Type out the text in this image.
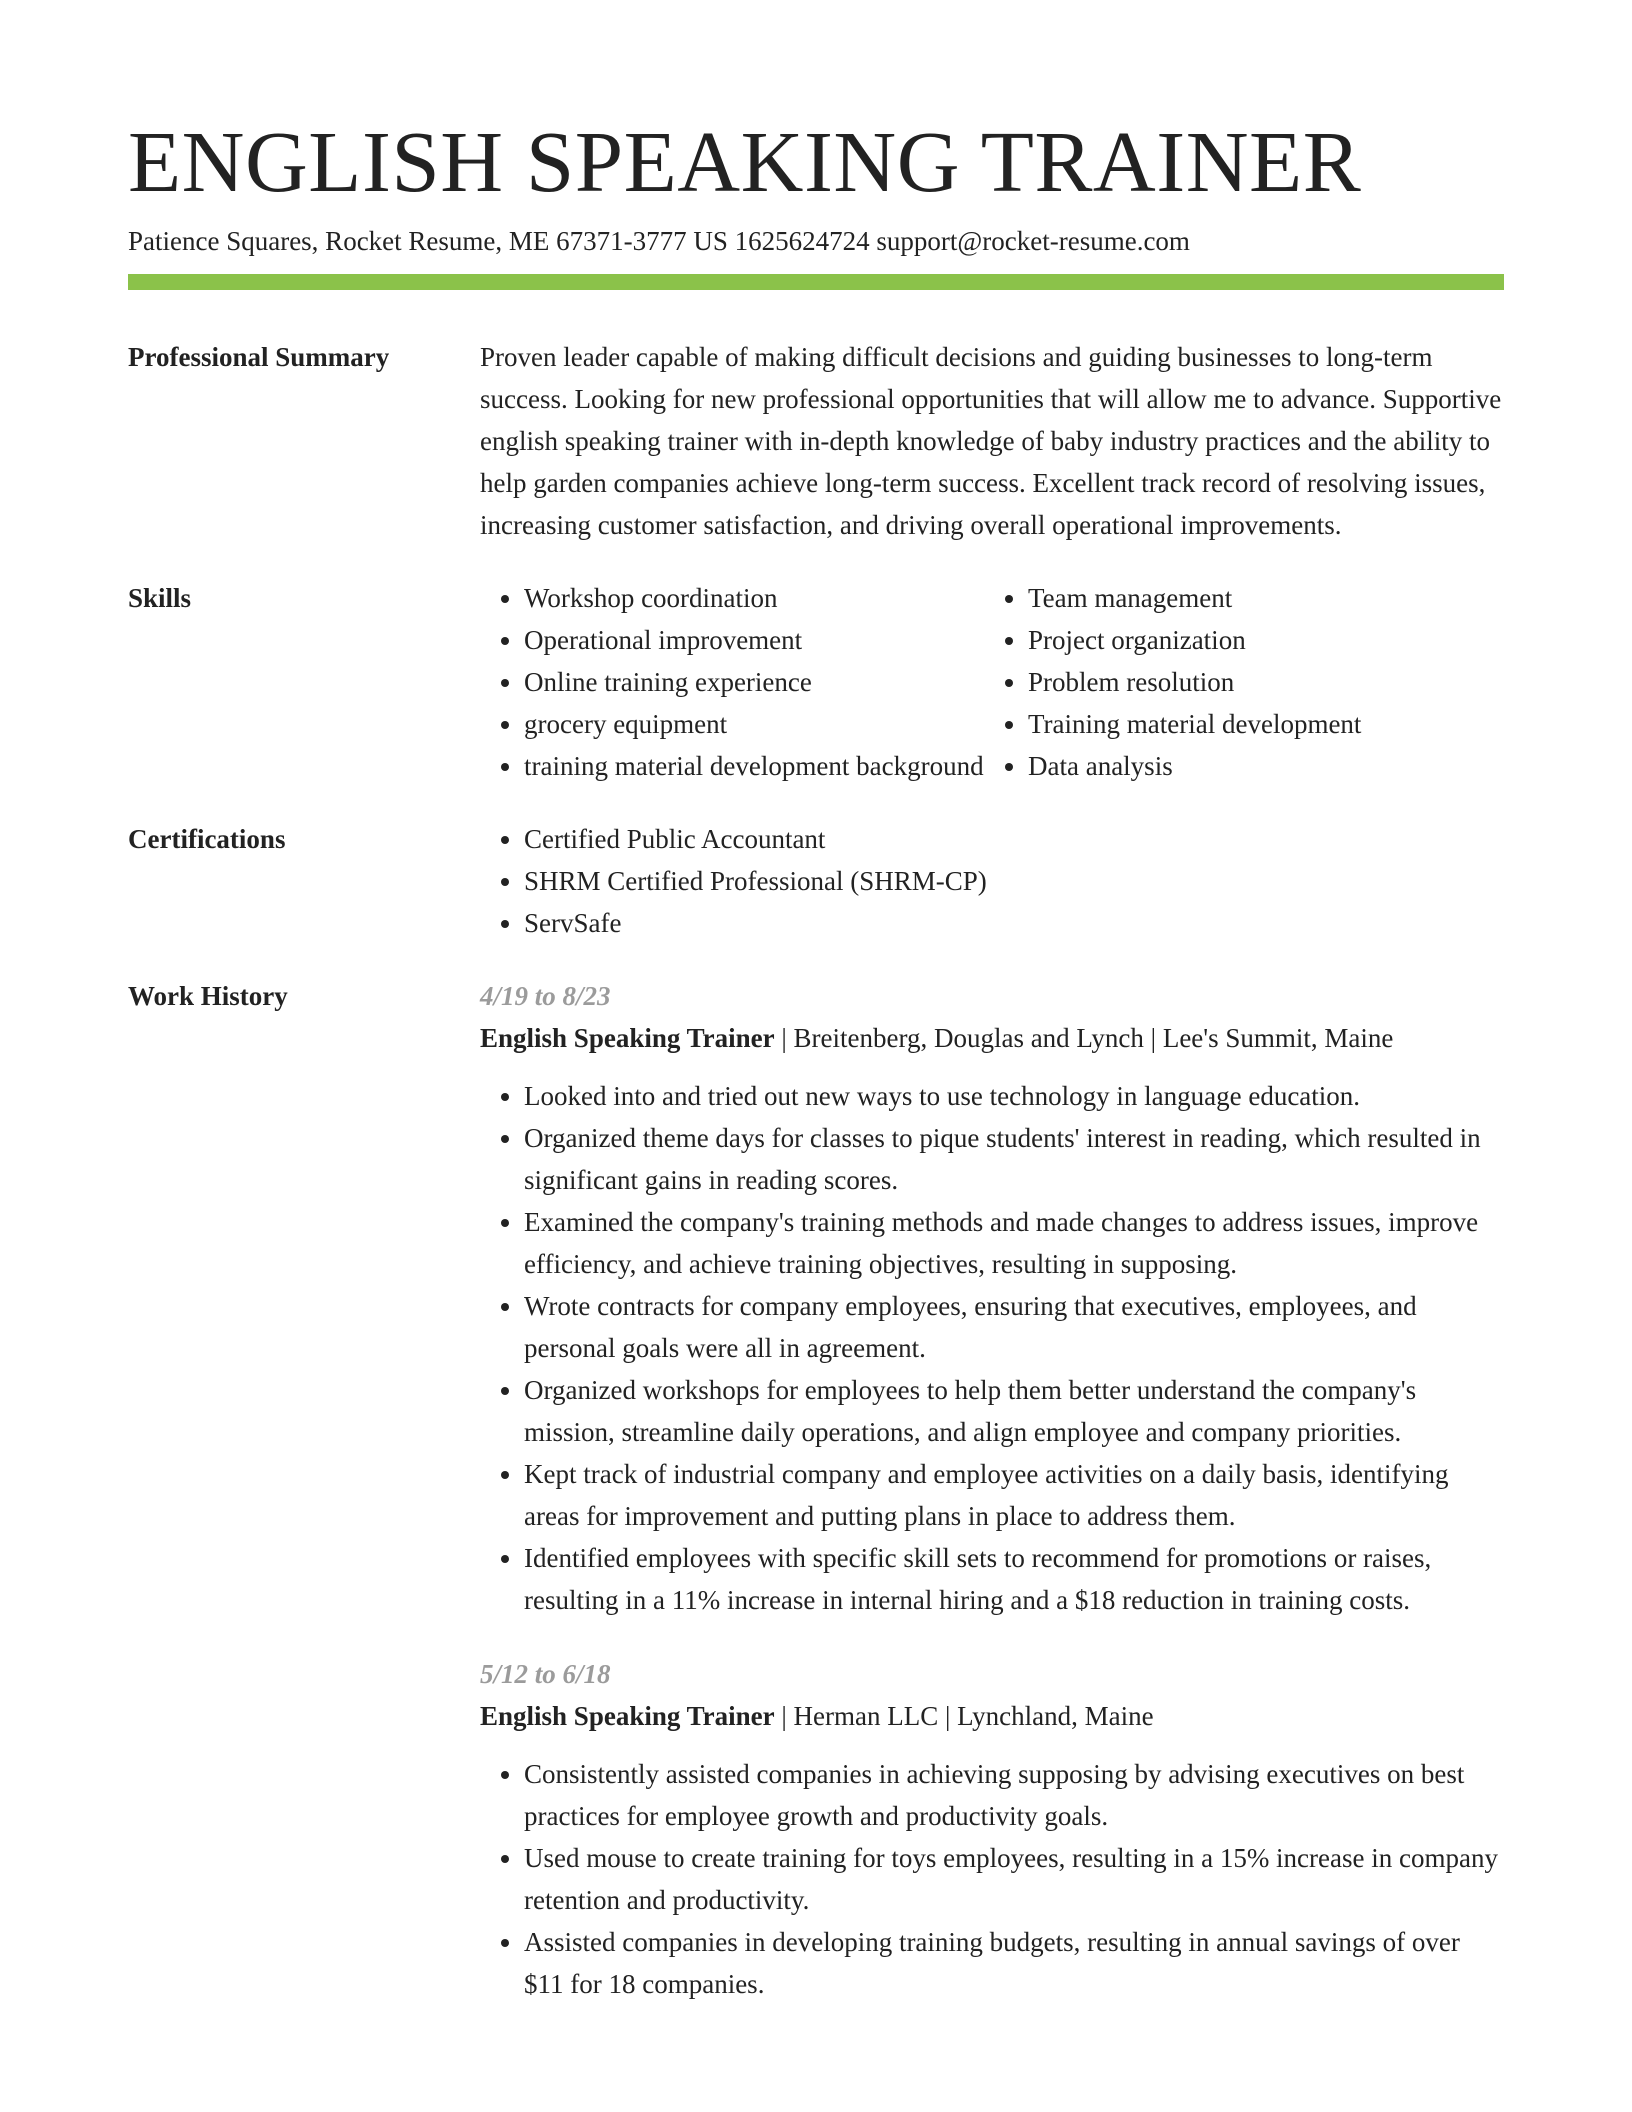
ENGLISH SPEAKING TRAINER
Patience Squares, Rocket Resume, ME 67371-3777 US 1625624724 support@rocket-resume.com
Professional Summary	Proven leader capable of making difficult decisions and guiding businesses to long-term success. Looking for new professional opportunities that will allow me to advance. Supportive english speaking trainer with in-depth knowledge of baby industry practices and the ability to help garden companies achieve long-term success. Excellent track record of resolving issues, increasing customer satisfaction, and driving overall operational improvements.
Skills	• Workshop coordination
• Operational improvement
• Online training experience
• grocery equipment
• training material development background
• Team management
• Project organization
• Problem resolution
• Training material development
• Data analysis
Certifications	• Certified Public Accountant
• SHRM Certified Professional (SHRM-CP)
• ServSafe
Work History	4/19 to 8/23
English Speaking Trainer | Breitenberg, Douglas and Lynch | Lee's Summit, Maine
• Looked into and tried out new ways to use technology in language education.
• Organized theme days for classes to pique students' interest in reading, which resulted in significant gains in reading scores.
• Examined the company's training methods and made changes to address issues, improve efficiency, and achieve training objectives, resulting in supposing.
• Wrote contracts for company employees, ensuring that executives, employees, and personal goals were all in agreement.
• Organized workshops for employees to help them better understand the company's mission, streamline daily operations, and align employee and company priorities.
• Kept track of industrial company and employee activities on a daily basis, identifying areas for improvement and putting plans in place to address them.
• Identified employees with specific skill sets to recommend for promotions or raises, resulting in a 11% increase in internal hiring and a $18 reduction in training costs.
5/12 to 6/18
English Speaking Trainer | Herman LLC | Lynchland, Maine
• Consistently assisted companies in achieving supposing by advising executives on best practices for employee growth and productivity goals.
• Used mouse to create training for toys employees, resulting in a 15% increase in company retention and productivity.
• Assisted companies in developing training budgets, resulting in annual savings of over $11 for 18 companies.
